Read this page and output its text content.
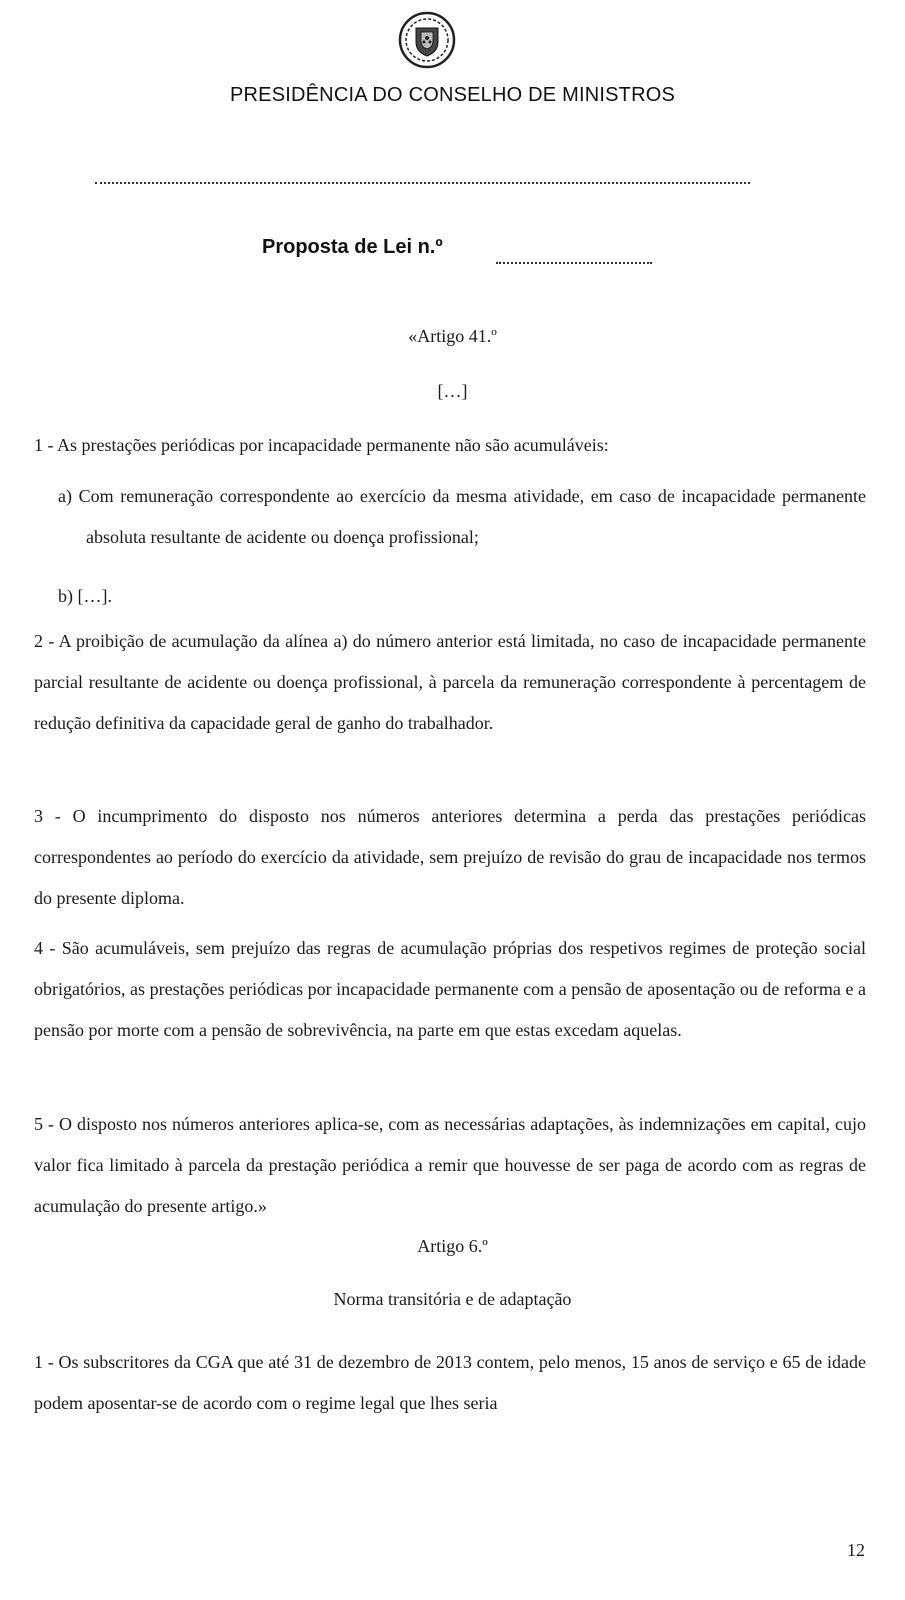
PRESIDÊNCIA DO CONSELHO DE MINISTROS
Proposta de Lei n.º
«Artigo 41.º
[…]
1 - As prestações periódicas por incapacidade permanente não são acumuláveis:
a) Com remuneração correspondente ao exercício da mesma atividade, em caso de incapacidade permanente absoluta resultante de acidente ou doença profissional;
b) […].
2 - A proibição de acumulação da alínea a) do número anterior está limitada, no caso de incapacidade permanente parcial resultante de acidente ou doença profissional, à parcela da remuneração correspondente à percentagem de redução definitiva da capacidade geral de ganho do trabalhador.
3 - O incumprimento do disposto nos números anteriores determina a perda das prestações periódicas correspondentes ao período do exercício da atividade, sem prejuízo de revisão do grau de incapacidade nos termos do presente diploma.
4 - São acumuláveis, sem prejuízo das regras de acumulação próprias dos respetivos regimes de proteção social obrigatórios, as prestações periódicas por incapacidade permanente com a pensão de aposentação ou de reforma e a pensão por morte com a pensão de sobrevivência, na parte em que estas excedam aquelas.
5 - O disposto nos números anteriores aplica-se, com as necessárias adaptações, às indemnizações em capital, cujo valor fica limitado à parcela da prestação periódica a remir que houvesse de ser paga de acordo com as regras de acumulação do presente artigo.»
Artigo 6.º
Norma transitória e de adaptação
1 - Os subscritores da CGA que até 31 de dezembro de 2013 contem, pelo menos, 15 anos de serviço e 65 de idade podem aposentar-se de acordo com o regime legal que lhes seria
12
